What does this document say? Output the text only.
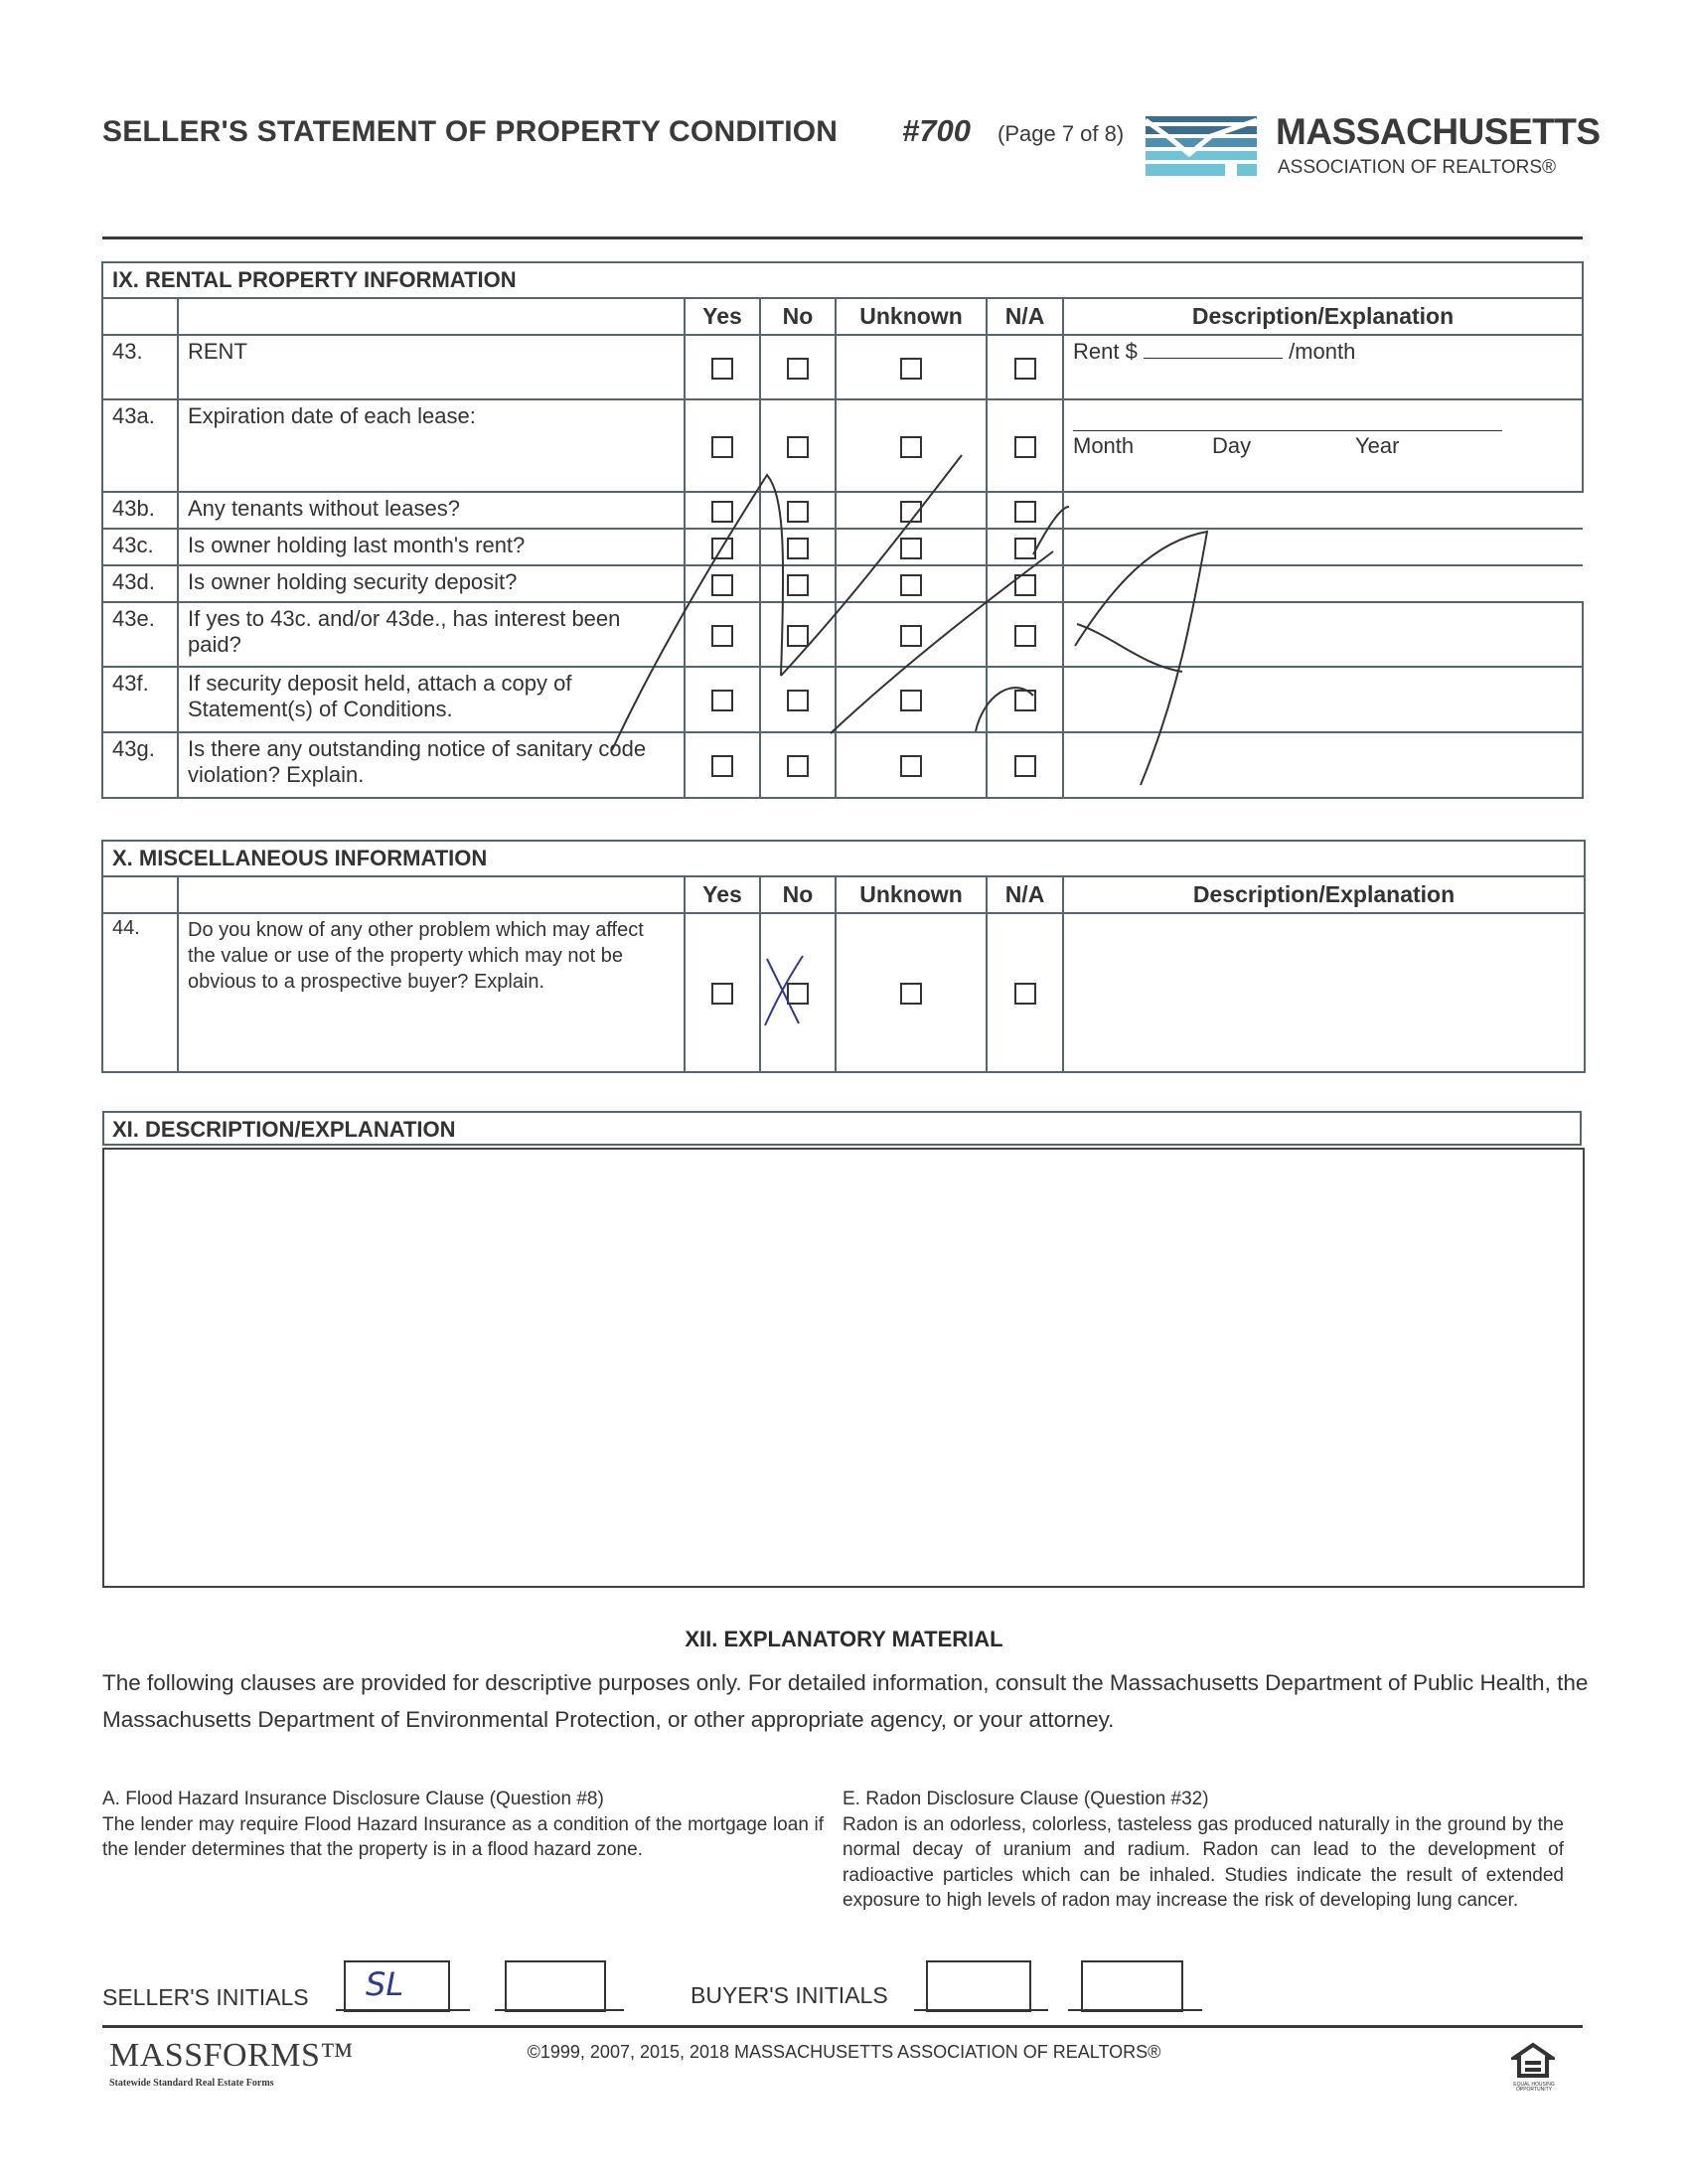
SELLER'S STATEMENT OF PROPERTY CONDITION #700 (Page 7 of 8)	MASSACHUSETTS
ASSOCIATION OF REALTORS®
IX. RENTAL PROPERTY INFORMATION						
		Yes	No	Unknown	N/A	Description/Explanation
43.	RENT					Rent $ /month
43a.	Expiration date of each lease:					Month Day Year

43b.	Any tenants without leases?					
43c.	Is owner holding last month's rent?					
43d.	Is owner holding security deposit?					
43e.	If yes to 43c. and/or 43de., has interest been paid?					
43f.	If security deposit held, attach a copy of Statement(s) of Conditions.					
43g.	Is there any outstanding notice of sanitary code violation? Explain.					
X. MISCELLANEOUS INFORMATION						
		Yes	No	Unknown	N/A	Description/Explanation
44.	Do you know of any other problem which may affect the value or use of the property which may not be obvious to a prospective buyer? Explain.					
XI. DESCRIPTION/EXPLANATION
XII. EXPLANATORY MATERIAL
The following clauses are provided for descriptive purposes only. For detailed information, consult the Massachusetts Department of Public Health, the Massachusetts Department of Environmental Protection, or other appropriate agency, or your attorney.
A. Flood Hazard Insurance Disclosure Clause (Question #8)
The lender may require Flood Hazard Insurance as a condition of the mortgage loan if the lender determines that the property is in a flood hazard zone.
E. Radon Disclosure Clause (Question #32)
Radon is an odorless, colorless, tasteless gas produced naturally in the ground by the normal decay of uranium and radium. Radon can lead to the development of radioactive particles which can be inhaled. Studies indicate the result of extended exposure to high levels of radon may increase the risk of developing lung cancer.
SELLER'S INITIALS SL	BUYER'S INITIALS
MASSFORMS™
Statewide Standard Real Estate Forms
©1999, 2007, 2015, 2018 MASSACHUSETTS ASSOCIATION OF REALTORS®
EQUAL HOUSING OPPORTUNITY
